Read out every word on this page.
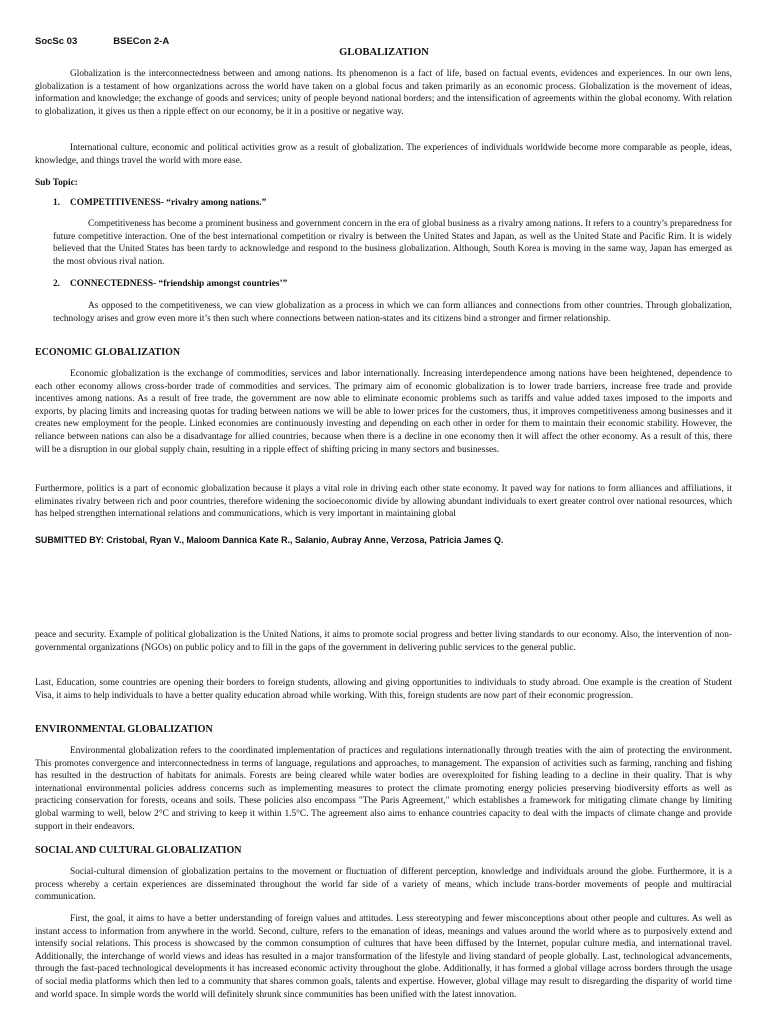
SocSc 03	BSECon 2-A
GLOBALIZATION

Globalization is the interconnectedness between and among nations. Its phenomenon is a fact of life, based on factual events, evidences and experiences. In our own lens, globalization is a testament of how organizations across the world have taken on a global focus and taken primarily as an economic process. Globalization is the movement of ideas, information and knowledge; the exchange of goods and services; unity of people beyond national borders; and the intensification of agreements within the global economy. With relation to globalization, it gives us then a ripple effect on our economy, be it in a positive or negative way.

International culture, economic and political activities grow as a result of globalization. The experiences of individuals worldwide become more comparable as people, ideas, knowledge, and things travel the world with more ease.

Sub Topic:
1. COMPETITIVENESS- “rivalry among nations.”

Competitiveness has become a prominent business and government concern in the era of global business as a rivalry among nations. It refers to a country’s preparedness for future competitive interaction. One of the best international competition or rivalry is between the United States and Japan, as well as the United State and Pacific Rim. It is widely believed that the United States has been tardy to acknowledge and respond to the business globalization. Although, South Korea is moving in the same way, Japan has emerged as the most obvious rival nation.

2. CONNECTEDNESS- “friendship amongst countries’”

As opposed to the competitiveness, we can view globalization as a process in which we can form alliances and connections from other countries. Through globalization, technology arises and grow even more it’s then such where connections between nation-states and its citizens bind a stronger and firmer relationship.

ECONOMIC GLOBALIZATION

Economic globalization is the exchange of commodities, services and labor internationally. Increasing interdependence among nations have been heightened, dependence to each other economy allows cross-border trade of commodities and services. The primary aim of economic globalization is to lower trade barriers, increase free trade and provide incentives among nations. As a result of free trade, the government are now able to eliminate economic problems such as tariffs and value added taxes imposed to the imports and exports, by placing limits and increasing quotas for trading between nations we will be able to lower prices for the customers, thus, it improves competitiveness among businesses and it creates new employment for the people. Linked economies are continuously investing and depending on each other in order for them to maintain their economic stability. However, the reliance between nations can also be a disadvantage for allied countries, because when there is a decline in one economy then it will affect the other economy. As a result of this, there will be a disruption in our global supply chain, resulting in a ripple effect of shifting pricing in many sectors and businesses.

Furthermore, politics is a part of economic globalization because it plays a vital role in driving each other state economy. It paved way for nations to form alliances and affiliations, it eliminates rivalry between rich and poor countries, therefore widening the socioeconomic divide by allowing abundant individuals to exert greater control over national resources, which has helped strengthen international relations and communications, which is very important in maintaining global

SUBMITTED BY: Cristobal, Ryan V., Maloom Dannica Kate R., Salanio, Aubray Anne, Verzosa, Patricia James Q.

peace and security. Example of political globalization is the United Nations, it aims to promote social progress and better living standards to our economy. Also, the intervention of non-governmental organizations (NGOs) on public policy and to fill in the gaps of the government in delivering public services to the general public.

Last, Education, some countries are opening their borders to foreign students, allowing and giving opportunities to individuals to study abroad. One example is the creation of Student Visa, it aims to help individuals to have a better quality education abroad while working. With this, foreign students are now part of their economic progression.

ENVIRONMENTAL GLOBALIZATION

Environmental globalization refers to the coordinated implementation of practices and regulations internationally through treaties with the aim of protecting the environment. This promotes convergence and interconnectedness in terms of language, regulations and approaches, to management. The expansion of activities such as farming, ranching and fishing has resulted in the destruction of habitats for animals. Forests are being cleared while water bodies are overexploited for fishing leading to a decline in their quality. That is why international environmental policies address concerns such as implementing measures to protect the climate promoting energy policies preserving biodiversity efforts as well as practicing conservation for forests, oceans and soils. These policies also encompass "The Paris Agreement," which establishes a framework for mitigating climate change by limiting global warming to well, below 2°C and striving to keep it within 1.5°C. The agreement also aims to enhance countries capacity to deal with the impacts of climate change and provide support in their endeavors.

SOCIAL AND CULTURAL GLOBALIZATION

Social-cultural dimension of globalization pertains to the movement or fluctuation of different perception, knowledge and individuals around the globe. Furthermore, it is a process whereby a certain experiences are disseminated throughout the world far side of a variety of means, which include trans-border movements of people and multiracial communication.

First, the goal, it aims to have a better understanding of foreign values and attitudes. Less stereotyping and fewer misconceptions about other people and cultures. As well as instant access to information from anywhere in the world. Second, culture, refers to the emanation of ideas, meanings and values around the world where as to purposively extend and intensify social relations. This process is showcased by the common consumption of cultures that have been diffused by the Internet, popular culture media, and international travel. Additionally, the interchange of world views and ideas has resulted in a major transformation of the lifestyle and living standard of people globally. Last, technological advancements, through the fast-paced technological developments it has increased economic activity throughout the globe. Additionally, it has formed a global village across borders through the usage of social media platforms which then led to a community that shares common goals, talents and expertise. However, global village may result to disregarding the disparity of world time and world space. In simple words the world will definitely shrunk since communities has been unified with the latest innovation.
